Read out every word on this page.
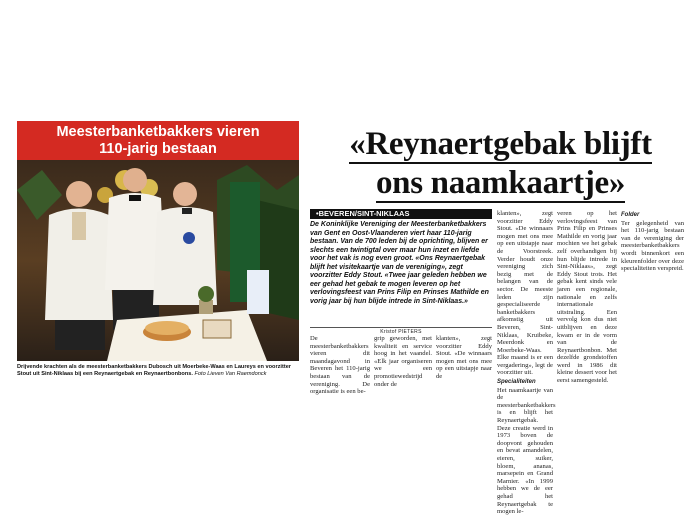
Meesterbanketbakkers vieren
110-jarig bestaan
Drijvende krachten als de meesterbanketbakkers Dubosch uit Moerbeke-Waas en Laureys en voorzitter Stout uit Sint-Niklaas bij een Reynaertgebak en Reynaertbonbons. Foto Lieven Van Raemdonck
«Reynaertgebak blijft
ons naamkaartje»
•BEVEREN/SINT-NIKLAAS
De Koninklijke Vereniging der Meesterbanketbakkers van Gent en Oost-Vlaanderen viert haar 110-jarig bestaan. Van de 700 leden bij de oprichting, blijven er slechts een twintigtal over maar hun inzet en liefde voor het vak is nog even groot. «Ons Reynaertgebak blijft het visitekaartje van de vereniging», zegt voorzitter Eddy Stout. «Twee jaar geleden hebben we eer gehad het gebak te mogen leveren op het verlovingsfeest van Prins Filip en Prinses Mathilde en vorig jaar bij hun blijde intrede in Sint-Niklaas.»
Kristof PIETERS

De meesterbanketbakkers vieren dit maandagavond in Beveren het 110-jarig bestaan van de vereniging. De organisatie is een be-

grip geworden, met kwaliteit en service hoog in het vaandel. «Elk jaar organiseren we een promotiewedstrijd onder de

klanten», zegt voorzitter Eddy Stout. «De winnaars mogen met ons mee op een uitstapje naar de

klanten», zegt voorzitter Eddy Stout. «De winnaars mogen met ons mee op een uitstapje naar de Voorstreek. Verder houdt onze vereniging zich bezig met de belangen van de sector. De meeste leden zijn gespecialiseerde banketbakkers afkomstig uit Beveren, Sint-Niklaas, Kruibeke, Meerdonk en Moerbeke-Waas. Elke maand is er een vergadering», legt de voorzitter uit.

Specialiteiten

Het naamkaartje van de meesterbanketbakkers is en blijft het Reynaertgebak. Deze creatie werd in 1973 boven de doopvont gehouden en bevat amandelen, eieren, suiker, bloem, ananas, marsepein en Grand Marnier. «In 1999 hebben we de eer gehad het Reynaertgebak te mogen le-

veren op het verlovingsfeest van Prins Filip en Prinses Mathilde en vorig jaar mochten we het gebak zelf overhandigen bij hun blijde intrede in Sint-Niklaas», zegt Eddy Stout trots. Het gebak kent sinds vele jaren een regionale, nationale en zelfs internationale uitstraling. Een vervolg kon dus niet uitblijven en deze kwam er in de vorm van de Reynaertbonbon. Met dezelfde grondstoffen werd in 1986 dit kleine dessert voor het eerst samengesteld.

Folder

Ter gelegenheid van het 110-jarig bestaan van de vereniging der meesterbanketbakkers wordt binnenkort een kleurenfolder over deze specialiteiten verspreid.
